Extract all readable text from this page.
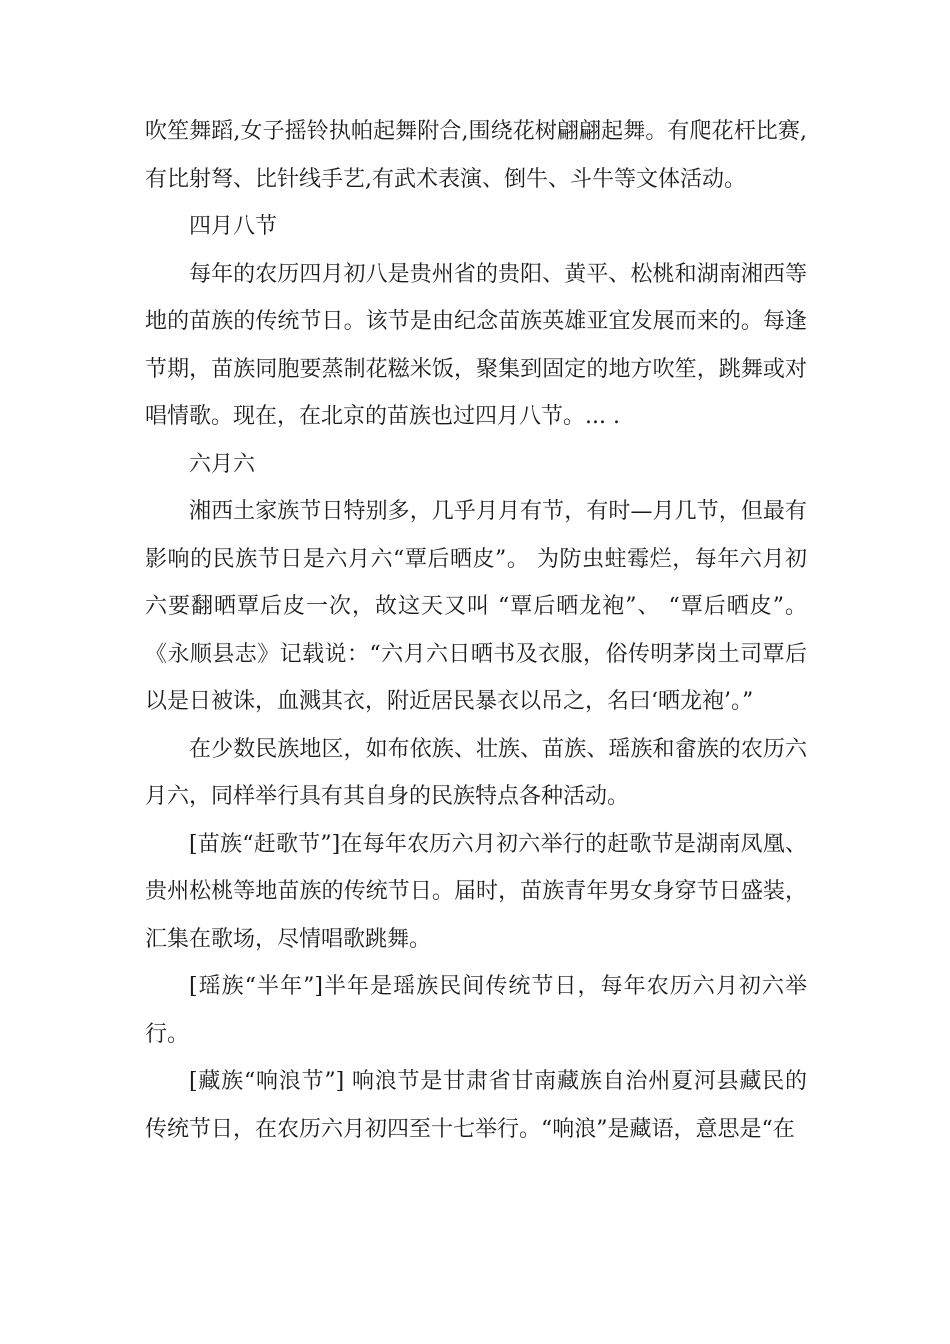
吹笙舞蹈,女子摇铃执帕起舞附合,围绕花树翩翩起舞。有爬花杆比赛,有比射弩、比针线手艺,有武术表演、倒牛、斗牛等文体活动。

四月八节

每年的农历四月初八是贵州省的贵阳、黄平、松桃和湖南湘西等地的苗族的传统节日。该节是由纪念苗族英雄亚宜发展而来的。每逢节期，苗族同胞要蒸制花糍米饭，聚集到固定的地方吹笙，跳舞或对唱情歌。现在，在北京的苗族也过四月八节。... .

六月六

湘西土家族节日特别多，几乎月月有节，有时—月几节，但最有影响的民族节日是六月六“覃后晒皮”。 为防虫蛀霉烂，每年六月初六要翻晒覃后皮一次，故这天又叫 “覃后晒龙袍”、 “覃后晒皮”。《永顺县志》记载说：“六月六日晒书及衣服，俗传明茅岗土司覃后以是日被诛，血溅其衣，附近居民暴衣以吊之，名曰‘晒龙袍’。”

在少数民族地区，如布依族、壮族、苗族、瑶族和畲族的农历六月六，同样举行具有其自身的民族特点各种活动。

[苗族“赶歌节”]在每年农历六月初六举行的赶歌节是湖南凤凰、贵州松桃等地苗族的传统节日。届时，苗族青年男女身穿节日盛装，汇集在歌场，尽情唱歌跳舞。

[瑶族“半年”]半年是瑶族民间传统节日，每年农历六月初六举行。

[藏族“响浪节”] 响浪节是甘肃省甘南藏族自治州夏河县藏民的传统节日，在农历六月初四至十七举行。“响浪”是藏语，意思是“在
